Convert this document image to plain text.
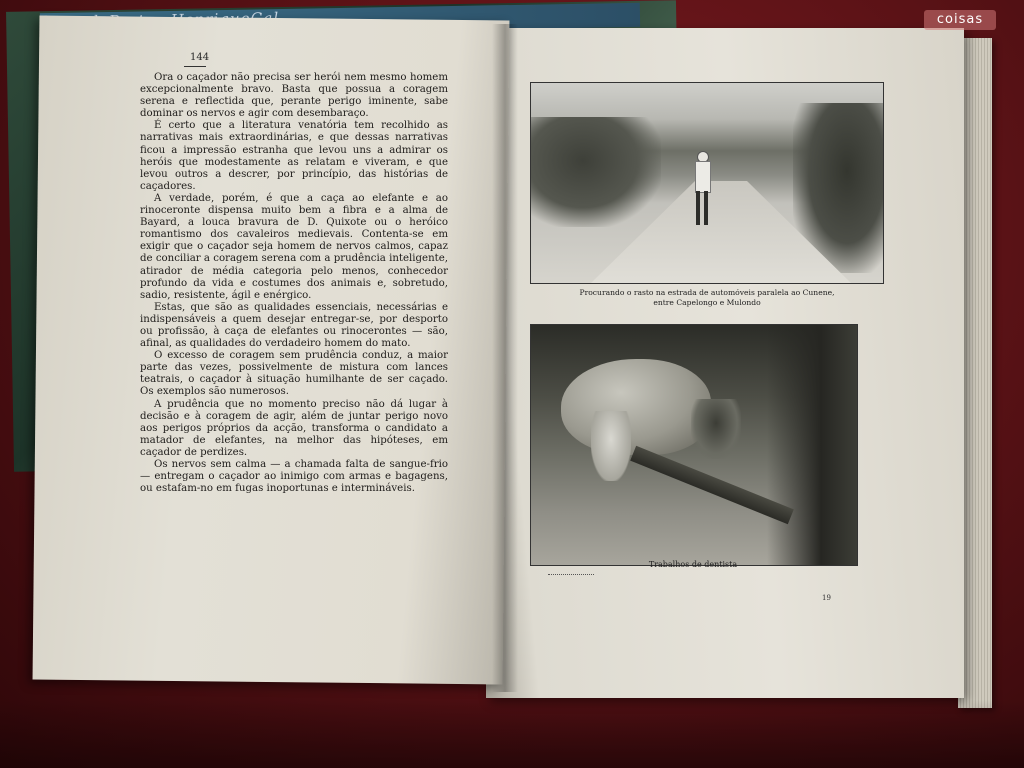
144

Ora o caçador não precisa ser herói nem mesmo homem excepcionalmente bravo. Basta que possua a coragem serena e reflectida que, perante perigo iminente, sabe dominar os nervos e agir com desembaraço.

É certo que a literatura venatória tem recolhido as narrativas mais extraordinárias, e que dessas narrativas ficou a impressão estranha que levou uns a admirar os heróis que modestamente as relatam e viveram, e que levou outros a descrer, por princípio, das histórias de caçadores.

A verdade, porém, é que a caça ao elefante e ao rinoceronte dispensa muito bem a fibra e a alma de Bayard, a louca bravura de D. Quixote ou o heróico romantismo dos cavaleiros medievais. Contenta-se em exigir que o caçador seja homem de nervos calmos, capaz de conciliar a coragem serena com a prudência inteligente, atirador de média categoria pelo menos, conhecedor profundo da vida e costumes dos animais e, sobretudo, sadio, resistente, ágil e enérgico.

Estas, que são as qualidades essenciais, necessárias e indispensáveis a quem desejar entregar-se, por desporto ou profissão, à caça de elefantes ou rinocerontes — são, afinal, as qualidades do verdadeiro homem do mato.

O excesso de coragem sem prudência conduz, a maior parte das vezes, possivelmente de mistura com lances teatrais, o caçador à situação humilhante de ser caçado. Os exemplos são numerosos.

A prudência que no momento preciso não dá lugar à decisão e à coragem de agir, além de juntar perigo novo aos perigos próprios da acção, transforma o candidato a matador de elefantes, na melhor das hipóteses, em caçador de perdizes.

Os nervos sem calma — a chamada falta de sangue-frio — entregam o caçador ao inimigo com armas e bagagens, ou estafam-no em fugas inoportunas e intermináveis.

Procurando o rasto na estrada de automóveis paralela ao Cunene,
entre Capelongo e Mulondo
Trabalhos de dentista
19
coisas
